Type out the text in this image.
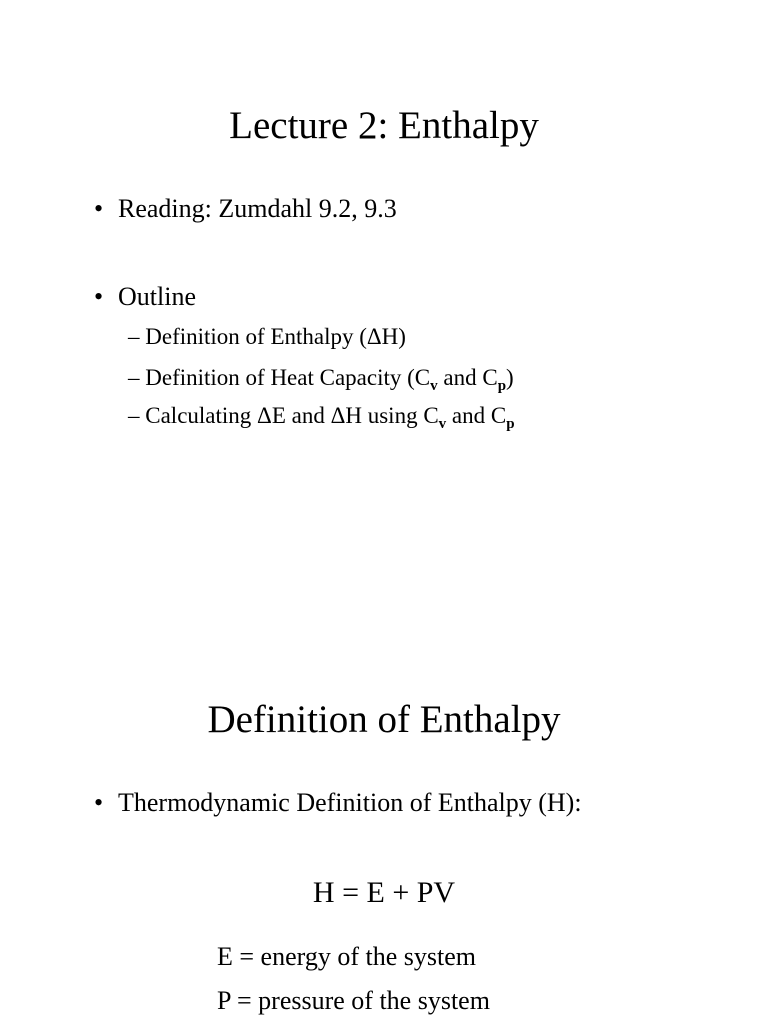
Lecture 2: Enthalpy
• Reading: Zumdahl 9.2, 9.3
• Outline
– Definition of Enthalpy (ΔH)
– Definition of Heat Capacity ($C_v$ and $C_p$)
– Calculating ΔE and ΔH using $C_v$ and $C_p$
Definition of Enthalpy
• Thermodynamic Definition of Enthalpy (H):
H = E + PV
E = energy of the system
P = pressure of the system
